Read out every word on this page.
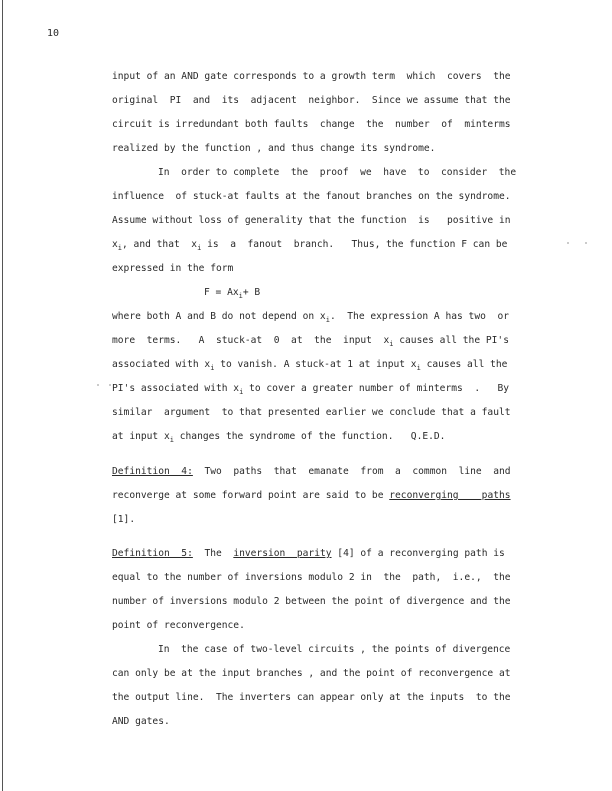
10
input of an AND gate corresponds to a growth term  which  covers  the
original  PI  and  its  adjacent  neighbor.  Since we assume that the
circuit is irredundant both faults  change  the  number  of  minterms
realized by the function , and thus change its syndrome.
In  order to complete  the  proof  we  have  to  consider  the
influence  of stuck-at faults at the fanout branches on the syndrome.
Assume without loss of generality that the function  is   positive in
$x_i$, and that  $x_i$ is  a  fanout  branch.   Thus, the function F can be
expressed in the form
$F = Ax_i+ B$
where both A and B do not depend on $x_i$.  The expression A has two  or
more  terms.   A  stuck-at  0  at  the  input  $x_i$ causes all the PI's
associated with $x_i$ to vanish. A stuck-at 1 at input $x_i$ causes all the
PI's associated with $x_i$ to cover a greater number of minterms  .   By
similar  argument  to that presented earlier we conclude that a fault
at input $x_i$ changes the syndrome of the function.   Q.E.D.
Definition  4: Two  paths  that  emanate  from  a  common  line  and
reconverge at some forward point are said to be reconverging    paths
[1].
Definition  5: The  inversion  parity [4] of a reconverging path is
equal to the number of inversions modulo 2 in  the  path,  i.e.,  the
number of inversions modulo 2 between the point of divergence and the
point of reconvergence.
In  the case of two-level circuits , the points of divergence
can only be at the input branches , and the point of reconvergence at
the output line.  The inverters can appear only at the inputs  to the
AND gates.
